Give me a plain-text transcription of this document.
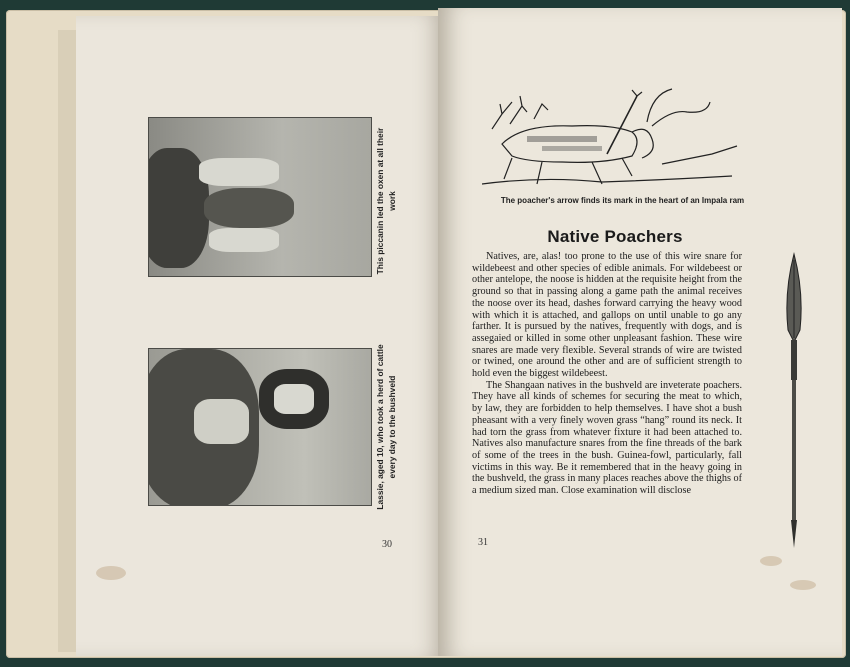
This piccanin led the oxen at all their work
Lassie, aged 10, who took a herd of cattle every day to the bushveld
30
The poacher's arrow finds its mark in the heart of an Impala ram
Native Poachers

Natives, are, alas! too prone to the use of this wire snare for wildebeest and other species of edible animals. For wildebeest or other antelope, the noose is hidden at the requisite height from the ground so that in passing along a game path the animal receives the noose over its head, dashes forward carrying the heavy wood with which it is attached, and gallops on until unable to go any farther. It is pursued by the natives, frequently with dogs, and is assegaied or killed in some other unpleasant fashion. These wire snares are made very flexible. Several strands of wire are twisted or twined, one around the other and are of sufficient strength to hold even the biggest wildebeest.

The Shangaan natives in the bushveld are inveterate poachers. They have all kinds of schemes for securing the meat to which, by law, they are forbidden to help themselves. I have shot a bush pheasant with a very finely woven grass “hang” round its neck. It had torn the grass from whatever fixture it had been attached to. Natives also manufacture snares from the fine threads of the bark of some of the trees in the bush. Guinea-fowl, particularly, fall victims in this way. Be it remembered that in the heavy going in the bushveld, the grass in many places reaches above the thighs of a medium sized man. Close examination will disclose

31
